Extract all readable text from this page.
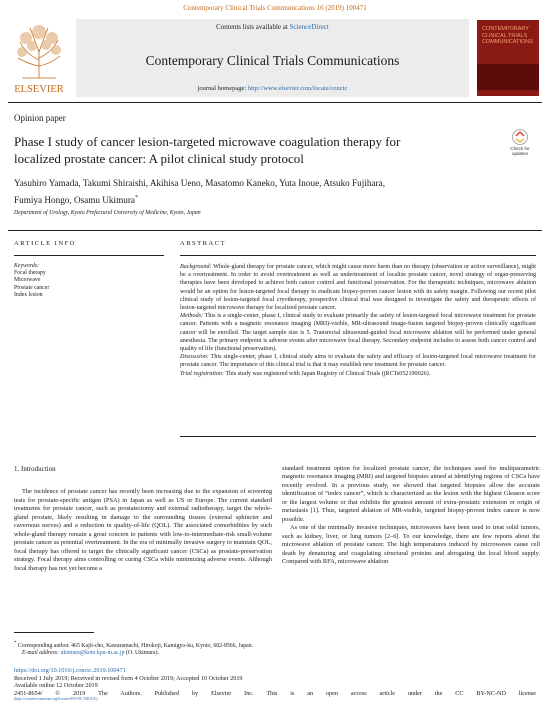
Contemporary Clinical Trials Communications 16 (2019) 100471
ELSEVIER
Contents lists available at ScienceDirect
Contemporary Clinical Trials Communications
journal homepage: http://www.elsevier.com/locate/conctc
CONTEMPORARY CLINICAL TRIALS COMMUNICATIONS
Opinion paper
Phase I study of cancer lesion-targeted microwave coagulation therapy for localized prostate cancer: A pilot clinical study protocol
Check for
updates
Yasuhiro Yamada, Takumi Shiraishi, Akihisa Ueno, Masatomo Kaneko, Yuta Inoue, Atsuko Fujihara, Fumiya Hongo, Osamu Ukimura*
Department of Urology, Kyoto Prefectural University of Medicine, Kyoto, Japan
ARTICLE INFO	ABSTRACT
Keywords:
Focal therapy
Microwave
Prostate cancer
Index lesion

Background: Whole-gland therapy for prostate cancer, which might cause more harm than no therapy (observation or active surveillance), might be a overtreatment. In order to avoid overtreatment as well as undertreatment of localize prostate cancer, novel strategy of organ-preserving therapies have been developed to achieve both cancer control and functional preservation. For the therapeutic techniques, microwave ablation would be an option for lesion-targeted focal therapy to eradicate biopsy-proven cancer lesion with its safety margin. Following our recent pilot clinical study of lesion-targeted focal cryotherapy, prospective clinical trial was designed to investigate the safety and therapeutic effects of lesion-targeted microwave therapy for localized prostate cancer.

Methods: This is a single-center, phase I, clinical study to evaluate primarily the safety of lesion-targeted focal microwave treatment for prostate cancer. Patients with a magnetic resonance imaging (MRI)-visible, MR-ultrasound image-fusion targeted biopsy-proven clinically significant cancer will be enrolled. The target sample size is 5. Transrectal ultrasound-guided focal microwave ablation will be performed under general anesthesia. The primary endpoint is adverse events after microwave focal therapy. Secondary endpoint includes to assess both cancer control and quality of life (functional preservation).

Discussion: This single-center, phase I, clinical study aims to evaluate the safety and efficacy of lesion-targeted focal microwave treatment for prostate cancer. The importance of this clinical trial is that it may establish new treatment for prostate cancer.

Trial registration: This study was registered with Japan Registry of Clinical Trials (jRCTs052190026).

1. Introduction

The incidence of prostate cancer has recently been increasing due to the expansion of screening tests for prostate-specific antigen (PSA) in Japan as well as US or Europe. The current standard treatments for prostate cancer, such as prostatectomy and external radiotherapy, target the whole-gland prostate, likely resulting in damage to the surrounding tissues (external sphincter and cavernous nerves) and a reduction in quality-of-life (QOL). The associated comorbidities by such whole-gland therapy remain a great concern to patients with low-to-intermediate-risk small-volume prostate cancer as potential overtreatment. In the era of minimally invasive surgery to maintain QOL, focal therapy has offered to target the clinically significant cancer (CSCa) as prostate-preservation strategy. Focal therapy aims controlling or curing CSCa while minimizing adverse events. Although focal therapy has not yet become a

standard treatment option for localized prostate cancer, the techniques used for multiparametric magnetic resonance imaging (MRI) and targeted biopsies aimed at identifying regions of CSCa have recently evolved. In a previous study, we showed that targeted biopsies allow the accurate identification of “index cancer”, which is characterized as the lesion with the highest Gleason score or the largest volume or that exhibits the greatest amount of extra-prostatic extension or origin of metastasis [1]. Thus, targeted ablation of MR-visible, targeted biopsy-proven index cancer is now possible.

As one of the minimally invasive techniques, microwaves have been used to treat solid tumors, such as kidney, liver, or lung tumors [2–6]. To our knowledge, there are few reports about the microwave ablation of prostate cancer. The high temperatures induced by microwaves cause cell death by denaturing and coagulating structural proteins and abrogating the local blood supply. Compared with RFA, microwave ablation

* Corresponding author. 465 Kajii-cho, Kawaramachi, Hirokoji, Kamigyo-ku, Kyoto, 602-8566, Japan.
E-mail address: ukimura@koto.kpu-m.ac.jp (O. Ukimura).
https://doi.org/10.1016/j.conctc.2019.100471
Received 1 July 2019; Received in revised form 4 October 2019; Accepted 10 October 2019
Available online 12 October 2019
2451-8654/ © 2019 The Authors. Published by Elsevier Inc. This is an open access article under the CC BY-NC-ND license
(http://creativecommons.org/licenses/BY-NC-ND/4.0/).
